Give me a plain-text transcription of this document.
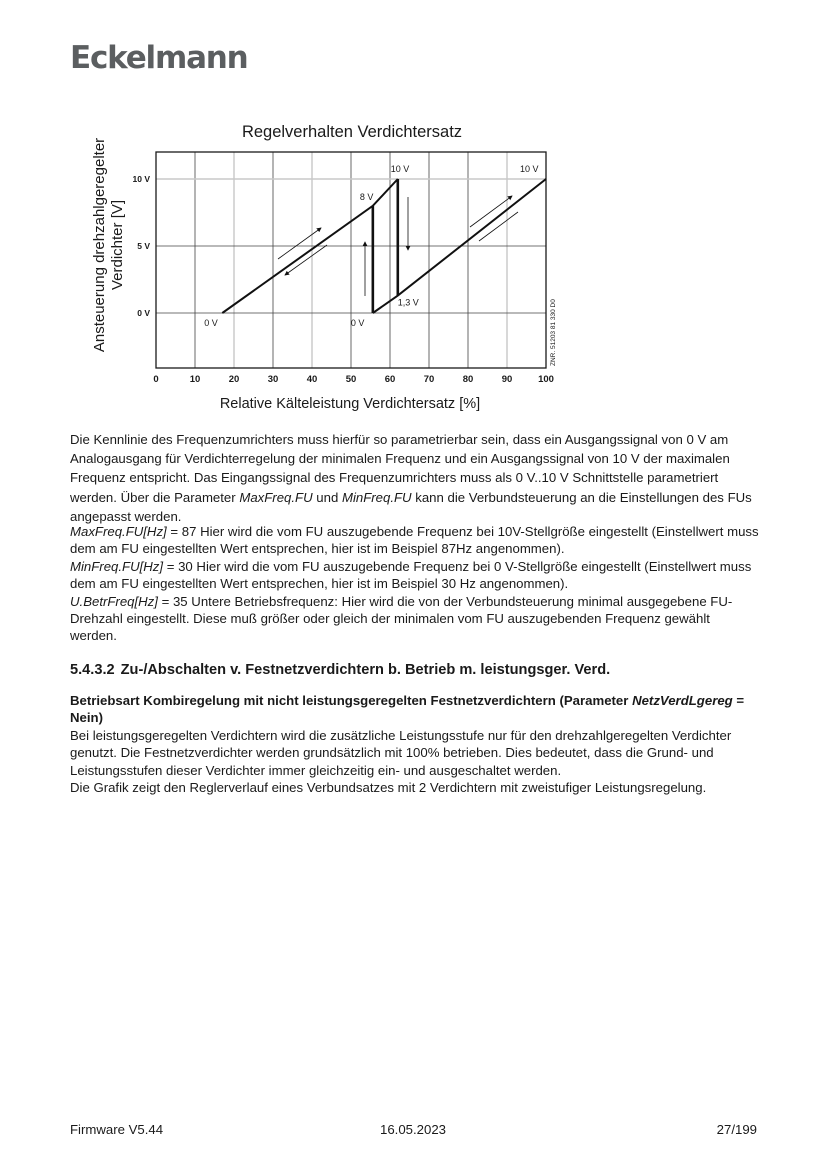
Eckelmann
Regelverhalten Verdichtersatz
0 V	0 V
8 V
10 V
1,3 V
10 V
0	10	20	30	40	50	60	70	80	90	100
0 V
5 V
10 V
Ansteuerung drehzahlgeregelter Verdichter [V]
Relative Kälteleistung Verdichtersatz [%]
ZNR. 51203 81 330 D0
Die Kennlinie des Frequenzumrichters muss hierfür so parametrierbar sein, dass ein Ausgangssignal von 0 V am Analogausgang für Verdichterregelung der minimalen Frequenz und ein Ausgangssignal von 10 V der maximalen Frequenz entspricht. Das Eingangssignal des Frequenzumrichters muss als 0 V..10 V Schnittstelle parametriert werden. Über die Parameter MaxFreq.FU und MinFreq.FU kann die Verbundsteuerung an die Einstellungen des FUs angepasst werden.
MaxFreq.FU[Hz] = 87 Hier wird die vom FU auszugebende Frequenz bei 10V-Stellgröße eingestellt (Einstellwert muss dem am FU eingestellten Wert entsprechen, hier ist im Beispiel 87Hz angenommen).
MinFreq.FU[Hz] = 30 Hier wird die vom FU auszugebende Frequenz bei 0 V-Stellgröße eingestellt (Einstellwert muss dem am FU eingestellten Wert entsprechen, hier ist im Beispiel 30 Hz angenommen).
U.BetrFreq[Hz] = 35 Untere Betriebsfrequenz: Hier wird die von der Verbundsteuerung minimal ausgegebene FU-Drehzahl eingestellt. Diese muß größer oder gleich der minimalen vom FU auszugebenden Frequenz gewählt werden.
5.4.3.2 Zu-/Abschalten v. Festnetzverdichtern b. Betrieb m. leistungsger. Verd.
Betriebsart Kombiregelung mit nicht leistungsgeregelten Festnetzverdichtern (Parameter NetzVerdLgereg = Nein)
Bei leistungsgeregelten Verdichtern wird die zusätzliche Leistungsstufe nur für den drehzahlgeregelten Verdichter genutzt. Die Festnetzverdichter werden grundsätzlich mit 100% betrieben. Dies bedeutet, dass die Grund- und Leistungsstufen dieser Verdichter immer gleichzeitig ein- und ausgeschaltet werden.
Die Grafik zeigt den Reglerverlauf eines Verbundsatzes mit 2 Verdichtern mit zweistufiger Leistungsregelung.
Firmware V5.44	16.05.2023	27/199
